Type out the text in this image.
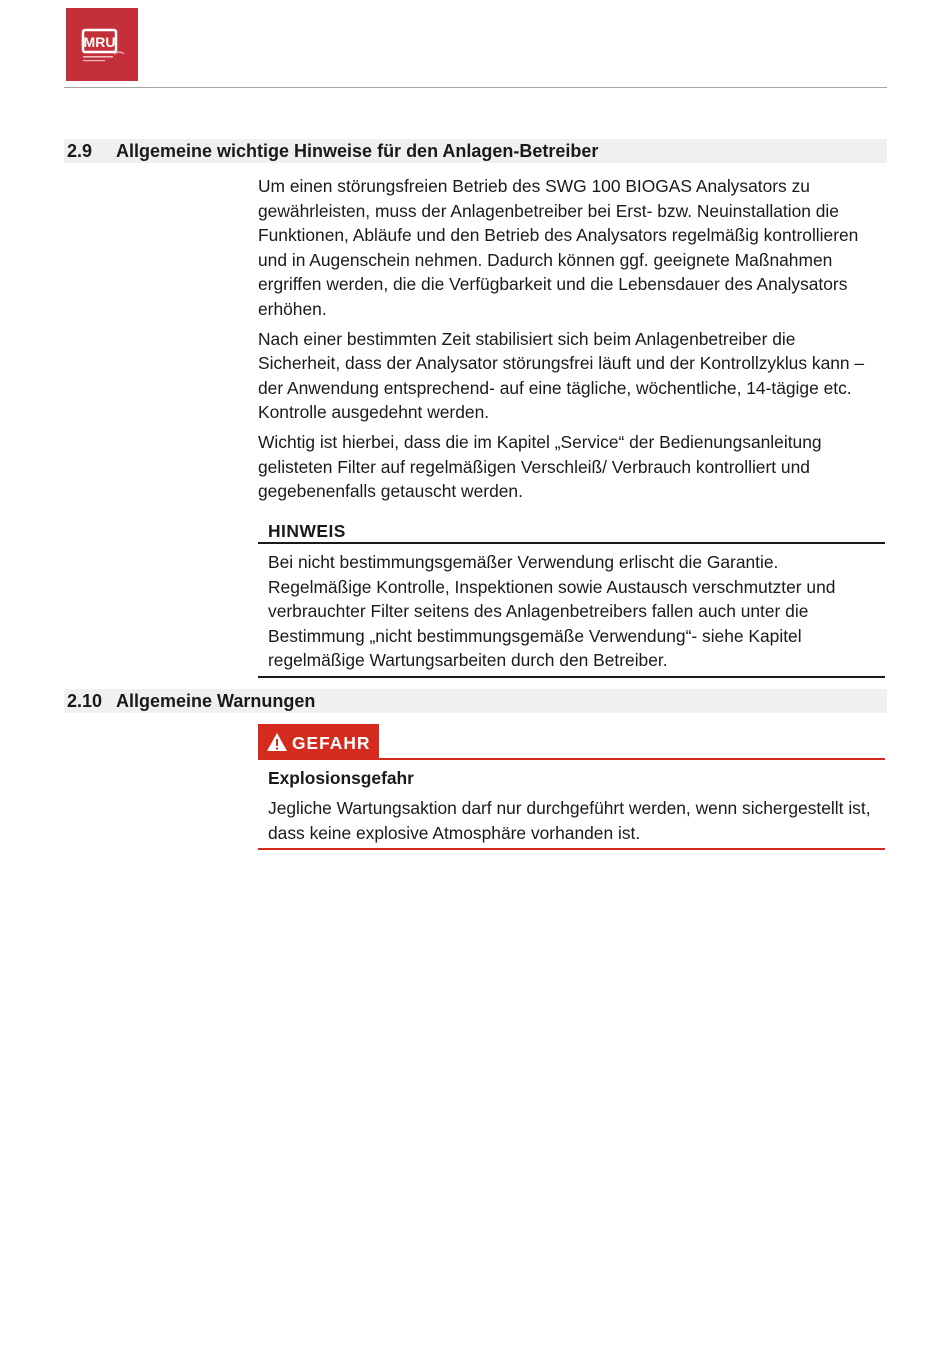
MRU
2.9 Allgemeine wichtige Hinweise für den Anlagen-Betreiber

Um einen störungsfreien Betrieb des SWG 100 BIOGAS Analysators zu gewährleisten, muss der Anlagenbetreiber bei Erst- bzw. Neuinstallation die Funktionen, Abläufe und den Betrieb des Analysators regelmäßig kontrollieren und in Augenschein nehmen. Dadurch können ggf. geeignete Maßnahmen ergriffen werden, die die Verfügbarkeit und die Lebensdauer des Analysators erhöhen.

Nach einer bestimmten Zeit stabilisiert sich beim Anlagenbetreiber die Sicherheit, dass der Analysator störungsfrei läuft und der Kontrollzyklus kann – der Anwendung entsprechend- auf eine tägliche, wöchentliche, 14-tägige etc. Kontrolle ausgedehnt werden.

Wichtig ist hierbei, dass die im Kapitel „Service“ der Bedienungsanleitung gelisteten Filter auf regelmäßigen Verschleiß/ Verbrauch kontrolliert und gegebenenfalls getauscht werden.

HINWEIS
Bei nicht bestimmungsgemäßer Verwendung erlischt die Garantie. Regelmäßige Kontrolle, Inspektionen sowie Austausch verschmutzter und verbrauchter Filter seitens des Anlagenbetreibers fallen auch unter die Bestimmung „nicht bestimmungsgemäße Verwendung“- siehe Kapitel regelmäßige Wartungsarbeiten durch den Betreiber.
2.10 Allgemeine Warnungen
GEFAHR
Explosionsgefahr
Jegliche Wartungsaktion darf nur durchgeführt werden, wenn sichergestellt ist, dass keine explosive Atmosphäre vorhanden ist.
